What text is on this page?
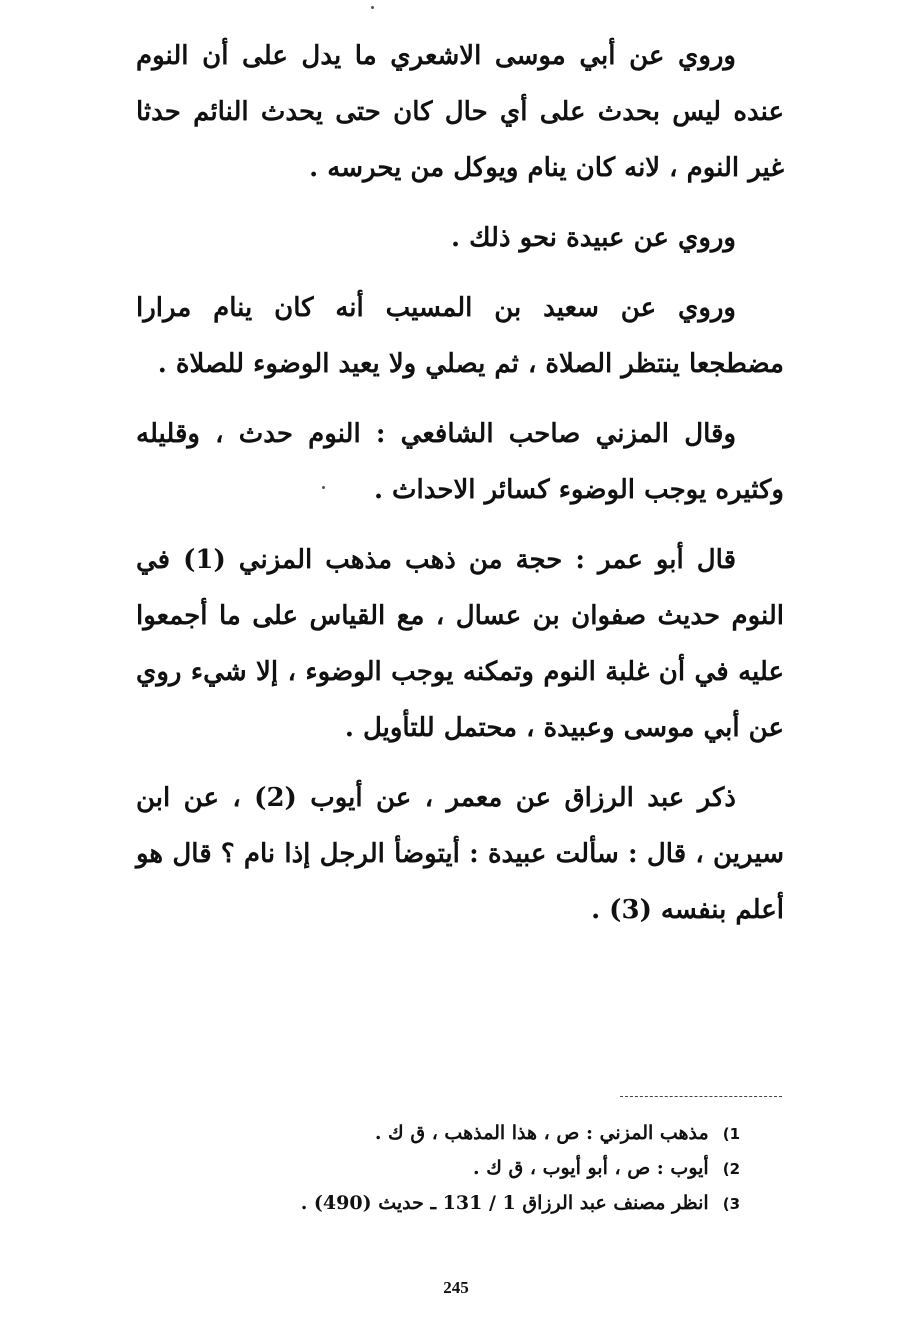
وروي عن أبي موسى الاشعري ما يدل على أن النوم عنده ليس بحدث على أي حال كان حتى يحدث النائم حدثا غير النوم ، لانه كان ينام ويوكل من يحرسه .

وروي عن عبيدة نحو ذلك .

وروي عن سعيد بن المسيب أنه كان ينام مرارا مضطجعا ينتظر الصلاة ، ثم يصلي ولا يعيد الوضوء للصلاة .

وقال المزني صاحب الشافعي : النوم حدث ، وقليله وكثيره يوجب الوضوء كسائر الاحداث .

قال أبو عمر : حجة من ذهب مذهب المزني (1) في النوم حديث صفوان بن عسال ، مع القياس على ما أجمعوا عليه في أن غلبة النوم وتمكنه يوجب الوضوء ، إلا شيء روي عن أبي موسى وعبيدة ، محتمل للتأويل .

ذكر عبد الرزاق عن معمر ، عن أيوب (2) ، عن ابن سيرين ، قال : سألت عبيدة : أيتوضأ الرجل إذا نام ؟ قال هو أعلم بنفسه (3) .

1)مذهب المزني : ص ، هذا المذهب ، ق ك .
2)أيوب : ص ، أبو أيوب ، ق ك .
3)انظر مصنف عبد الرزاق 1 / 131 ـ حديث (490) .
245
